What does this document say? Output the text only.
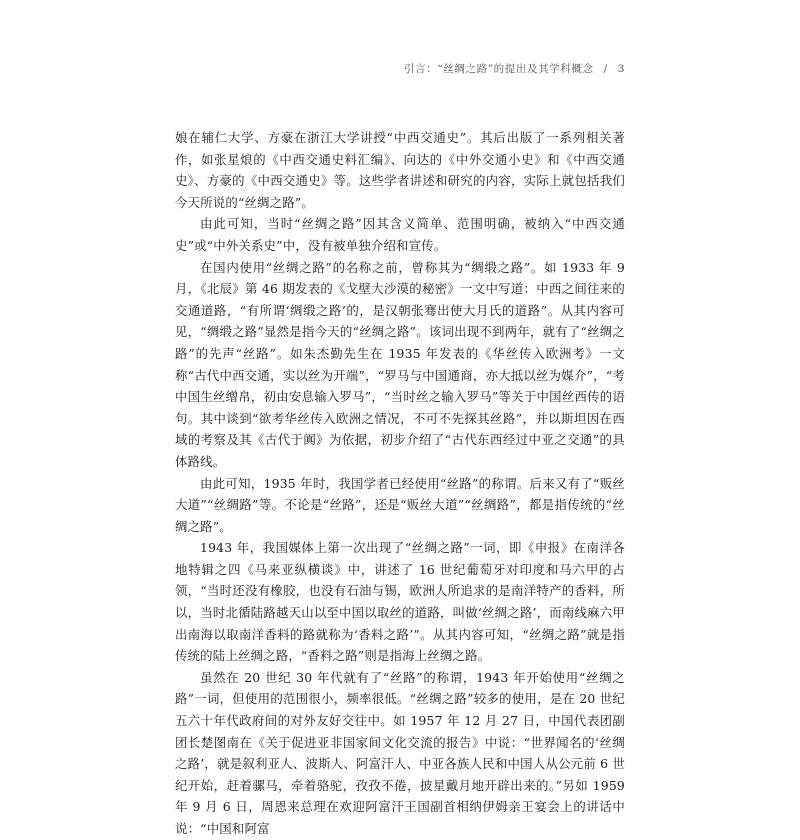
引言：“丝绸之路”的提出及其学科概念 / 3

娘在辅仁大学、方豪在浙江大学讲授“中西交通史”。其后出版了一系列相关著作，如张星烺的《中西交通史料汇编》、向达的《中外交通小史》和《中西交通史》、方豪的《中西交通史》等。这些学者讲述和研究的内容，实际上就包括我们今天所说的“丝绸之路”。

由此可知，当时“丝绸之路”因其含义简单、范围明确，被纳入“中西交通史”或“中外关系史”中，没有被单独介绍和宣传。

在国内使用“丝绸之路”的名称之前，曾称其为“绸缎之路”。如 1933 年 9 月，《北辰》第 46 期发表的《戈壁大沙漠的秘密》一文中写道：中西之间往来的交通道路，“有所谓‘绸缎之路’的，是汉朝张骞出使大月氏的道路”。从其内容可见，“绸缎之路”显然是指今天的“丝绸之路”。该词出现不到两年，就有了“丝绸之路”的先声“丝路”。如朱杰勤先生在 1935 年发表的《华丝传入欧洲考》一文称“古代中西交通，实以丝为开端”，“罗马与中国通商，亦大抵以丝为媒介”，“考中国生丝缯帛，初由安息输入罗马”，“当时丝之输入罗马”等关于中国丝西传的语句。其中谈到“欲考华丝传入欧洲之情况，不可不先探其丝路”，并以斯坦因在西域的考察及其《古代于阗》为依据，初步介绍了“古代东西经过中亚之交通”的具体路线。

由此可知，1935 年时，我国学者已经使用“丝路”的称谓。后来又有了“贩丝大道”“丝绸路”等。不论是“丝路”，还是“贩丝大道”“丝绸路”，都是指传统的“丝绸之路”。

1943 年，我国媒体上第一次出现了“丝绸之路”一词，即《申报》在南洋各地特辑之四《马来亚纵横谈》中，讲述了 16 世纪葡萄牙对印度和马六甲的占领，“当时还没有橡胶，也没有石油与锡，欧洲人所追求的是南洋特产的香料，所以，当时北循陆路越天山以至中国以取丝的道路，叫做‘丝绸之路’，而南线麻六甲出南海以取南洋香料的路就称为‘香料之路’”。从其内容可知，“丝绸之路”就是指传统的陆上丝绸之路，“香料之路”则是指海上丝绸之路。

虽然在 20 世纪 30 年代就有了“丝路”的称谓，1943 年开始使用“丝绸之路”一词，但使用的范围很小，频率很低。“丝绸之路”较多的使用，是在 20 世纪五六十年代政府间的对外友好交往中。如 1957 年 12 月 27 日，中国代表团副团长楚图南在《关于促进亚非国家间文化交流的报告》中说：“世界闻名的‘丝绸之路’，就是叙利亚人、波斯人、阿富汗人、中亚各族人民和中国人从公元前 6 世纪开始，赶着骡马，牵着骆驼，孜孜不倦，披星戴月地开辟出来的。”另如 1959 年 9 月 6 日，周恩来总理在欢迎阿富汗王国副首相纳伊姆亲王宴会上的讲话中说：“中国和阿富
